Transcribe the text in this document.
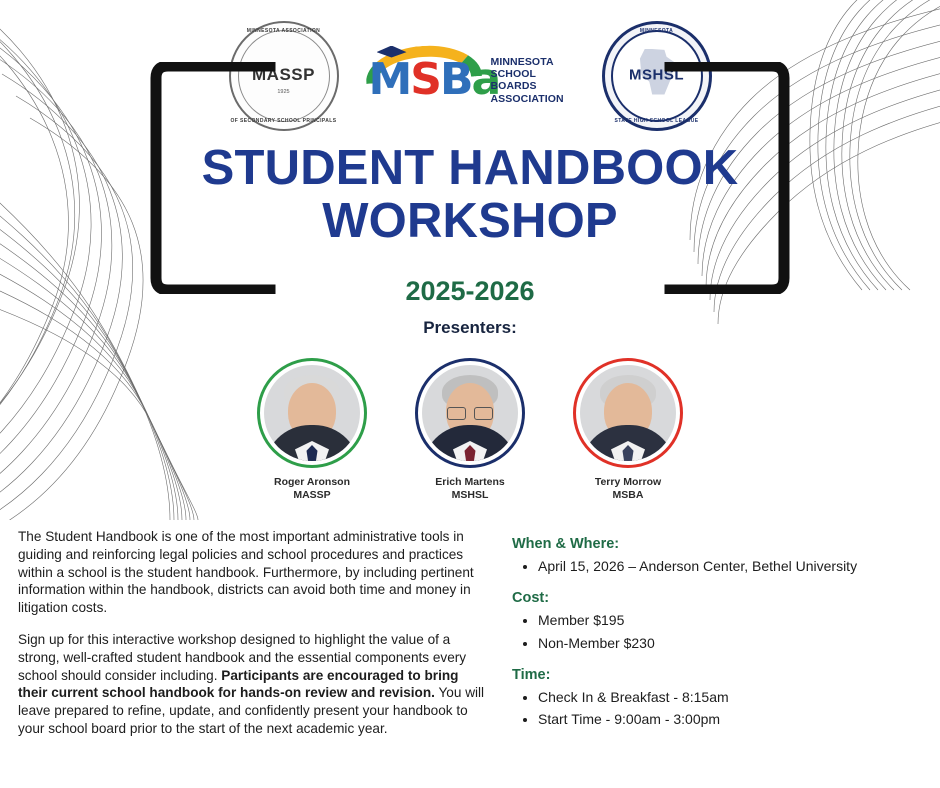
MINNESOTA ASSOCIATION
MASSP
1925
OF SECONDARY SCHOOL PRINCIPALS
MSBa
MINNESOTA
SCHOOL BOARDS
ASSOCIATION
MINNESOTA
MSHSL
STATE HIGH SCHOOL LEAGUE
STUDENT HANDBOOK
WORKSHOP
2025-2026
Presenters:
Roger Aronson
MASSP
Erich Martens
MSHSL
Terry Morrow
MSBA

The Student Handbook is one of the most important administrative tools in guiding and reinforcing legal policies and school procedures and practices within a school is the student handbook. Furthermore, by including pertinent information within the handbook, districts can avoid both time and money in litigation costs.

Sign up for this interactive workshop designed to highlight the value of a strong, well-crafted student handbook and the essential components every school should consider including. Participants are encouraged to bring their current school handbook for hands-on review and revision. You will leave prepared to refine, update, and confidently present your handbook to your school board prior to the start of the next academic year.

When & Where:

• April 15, 2026 – Anderson Center, Bethel University

Cost:

• Member $195
• Non-Member $230

Time:

• Check In & Breakfast - 8:15am
• Start Time - 9:00am - 3:00pm
